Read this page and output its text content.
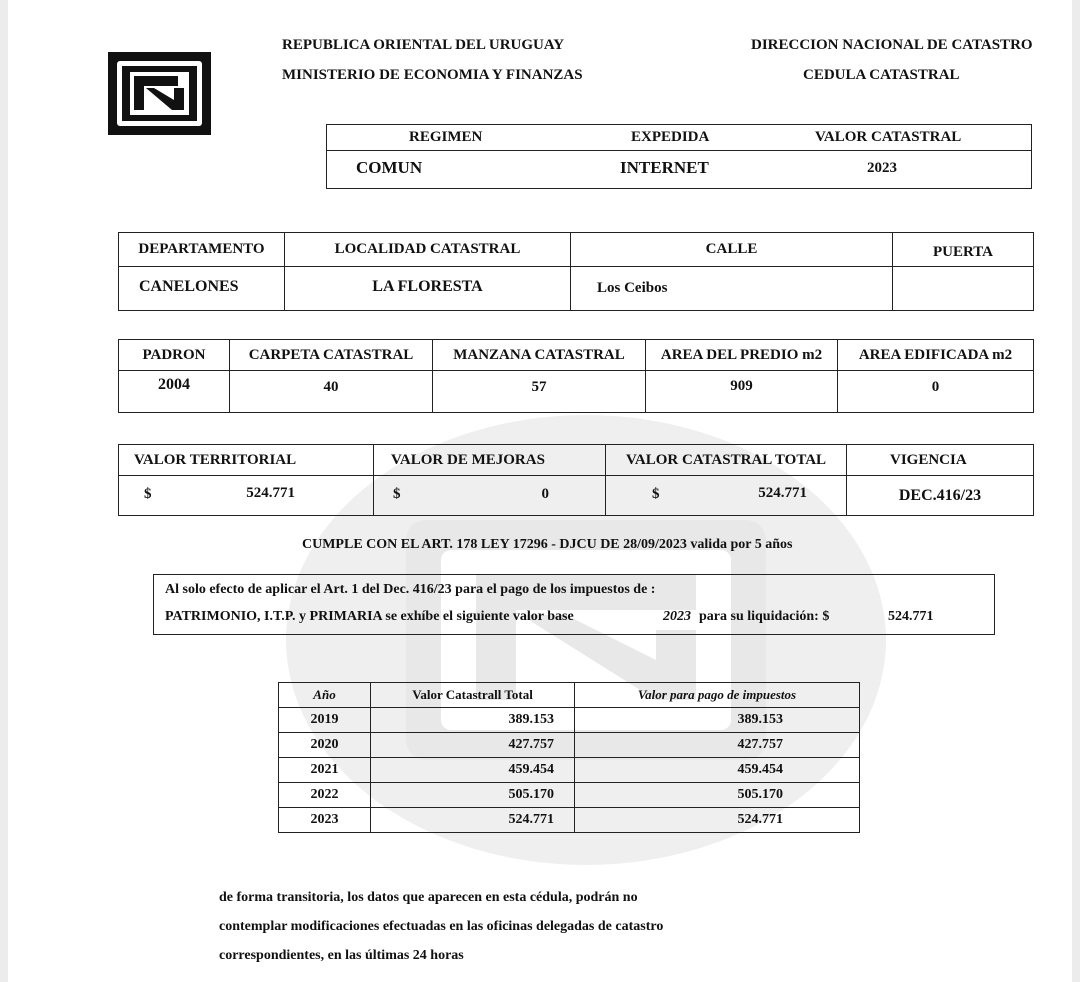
REPUBLICA ORIENTAL DEL URUGUAY
MINISTERIO DE ECONOMIA Y FINANZAS
DIRECCION NACIONAL DE CATASTRO
CEDULA CATASTRAL
REGIMEN	EXPEDIDA	VALOR CATASTRAL
COMUN	INTERNET	2023
DEPARTAMENTO	LOCALIDAD CATASTRAL	CALLE	PUERTA
CANELONES	LA FLORESTA	Los Ceibos	
PADRON	CARPETA CATASTRAL	MANZANA CATASTRAL	AREA DEL PREDIO m2	AREA EDIFICADA m2
2004	40	57	909	0
VALOR TERRITORIAL	VALOR DE MEJORAS	VALOR CATASTRAL TOTAL	VIGENCIA

$ 524.771	$ 0	$ 524.771	DEC.416/23
CUMPLE CON EL ART. 178 LEY 17296 - DJCU DE 28/09/2023 valida por 5 años
Al solo efecto de aplicar el Art. 1 del Dec. 416/23 para el pago de los impuestos de :
PATRIMONIO, I.T.P. y PRIMARIA se exhíbe el siguiente valor base	2023 para su liquidación: $	524.771
Año	Valor Catastrall Total	Valor para pago de impuestos
2019	389.153	389.153
2020	427.757	427.757
2021	459.454	459.454
2022	505.170	505.170
2023	524.771	524.771
de forma transitoria, los datos que aparecen en esta cédula, podrán no
contemplar modificaciones efectuadas en las oficinas delegadas de catastro
correspondientes, en las últimas 24 horas
